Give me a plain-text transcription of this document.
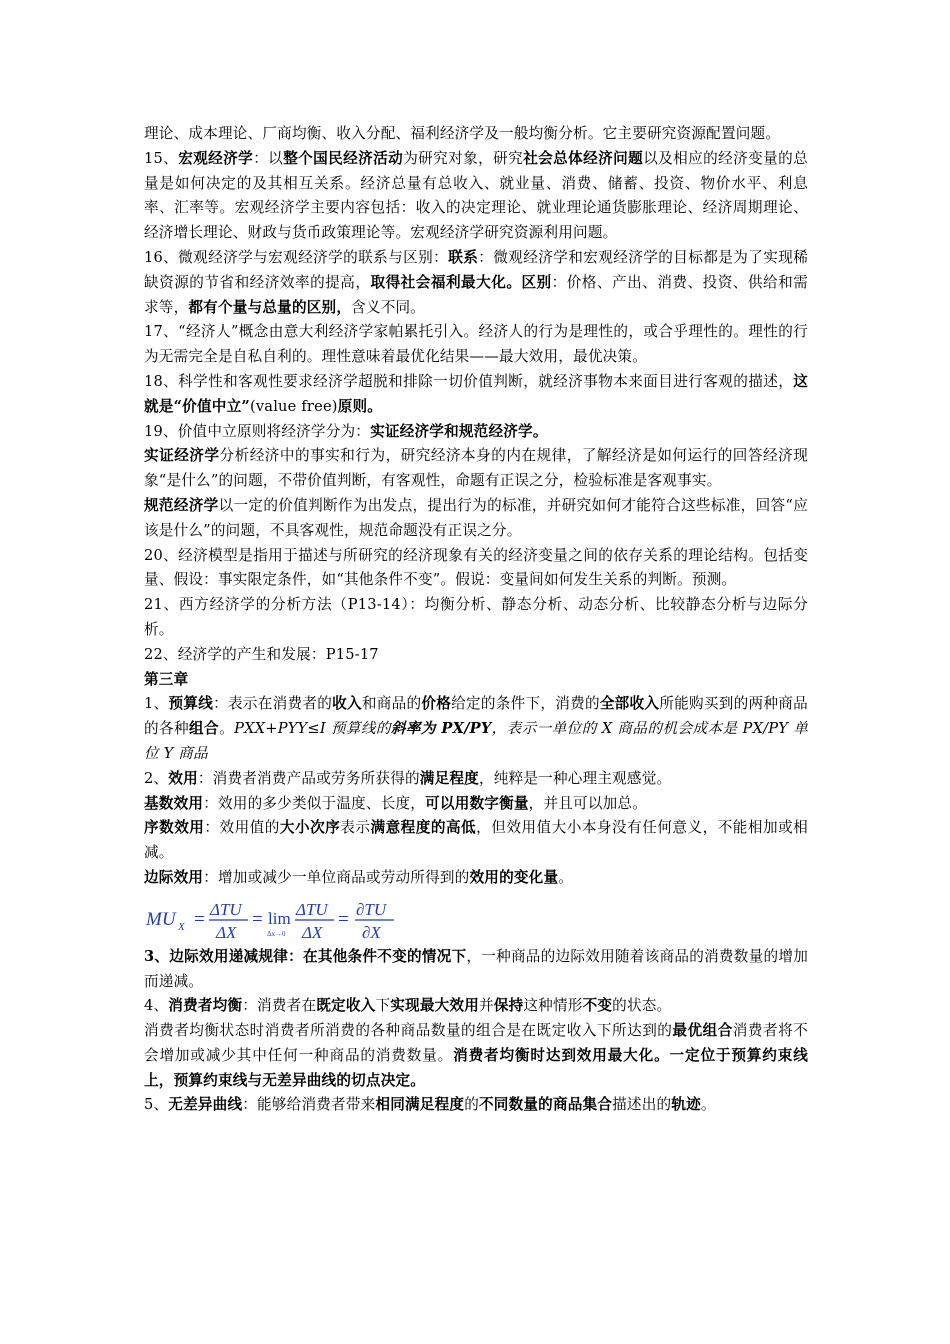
理论、成本理论、厂商均衡、收入分配、福利经济学及一般均衡分析。它主要研究资源配置问题。

15、宏观经济学：以整个国民经济活动为研究对象，研究社会总体经济问题以及相应的经济变量的总量是如何决定的及其相互关系。经济总量有总收入、就业量、消费、储蓄、投资、物价水平、利息率、汇率等。宏观经济学主要内容包括：收入的决定理论、就业理论通货膨胀理论、经济周期理论、经济增长理论、财政与货币政策理论等。宏观经济学研究资源利用问题。

16、微观经济学与宏观经济学的联系与区别：联系：微观经济学和宏观经济学的目标都是为了实现稀缺资源的节省和经济效率的提高，取得社会福利最大化。区别：价格、产出、消费、投资、供给和需求等，都有个量与总量的区别，含义不同。

17、“经济人”概念由意大利经济学家帕累托引入。经济人的行为是理性的，或合乎理性的。理性的行为无需完全是自私自利的。理性意味着最优化结果——最大效用，最优决策。

18、科学性和客观性要求经济学超脱和排除一切价值判断，就经济事物本来面目进行客观的描述，这就是“价值中立”(value free)原则。

19、价值中立原则将经济学分为：实证经济学和规范经济学。

实证经济学分析经济中的事实和行为，研究经济本身的内在规律，了解经济是如何运行的回答经济现象“是什么”的问题，不带价值判断，有客观性，命题有正误之分，检验标准是客观事实。

规范经济学以一定的价值判断作为出发点，提出行为的标准，并研究如何才能符合这些标准，回答“应该是什么”的问题，不具客观性，规范命题没有正误之分。

20、经济模型是指用于描述与所研究的经济现象有关的经济变量之间的依存关系的理论结构。包括变量、假设：事实限定条件，如“其他条件不变”。假说：变量间如何发生关系的判断。预测。

21、西方经济学的分析方法（P13-14）：均衡分析、静态分析、动态分析、比较静态分析与边际分析。

22、经济学的产生和发展：P15-17

第三章

1、预算线：表示在消费者的收入和商品的价格给定的条件下，消费的全部收入所能购买到的两种商品的各种组合。PXX+PYY≤I 预算线的斜率为 PX/PY，表示一单位的 X 商品的机会成本是 PX/PY 单位 Y 商品

2、效用：消费者消费产品或劳务所获得的满足程度，纯粹是一种心理主观感觉。

基数效用：效用的多少类似于温度、长度，可以用数字衡量，并且可以加总。

序数效用：效用值的大小次序表示满意程度的高低，但效用值大小本身没有任何意义，不能相加或相减。

边际效用：增加或减少一单位商品或劳动所得到的效用的变化量。

MU X = ΔTU
ΔX
= lim
Δx→0
ΔTU
ΔX
= ∂TU
∂X

3、边际效用递减规律：在其他条件不变的情况下，一种商品的边际效用随着该商品的消费数量的增加而递减。

4、消费者均衡：消费者在既定收入下实现最大效用并保持这种情形不变的状态。

消费者均衡状态时消费者所消费的各种商品数量的组合是在既定收入下所达到的最优组合消费者将不会增加或减少其中任何一种商品的消费数量。消费者均衡时达到效用最大化。一定位于预算约束线上，预算约束线与无差异曲线的切点决定。

5、无差异曲线：能够给消费者带来相同满足程度的不同数量的商品集合描述出的轨迹。
